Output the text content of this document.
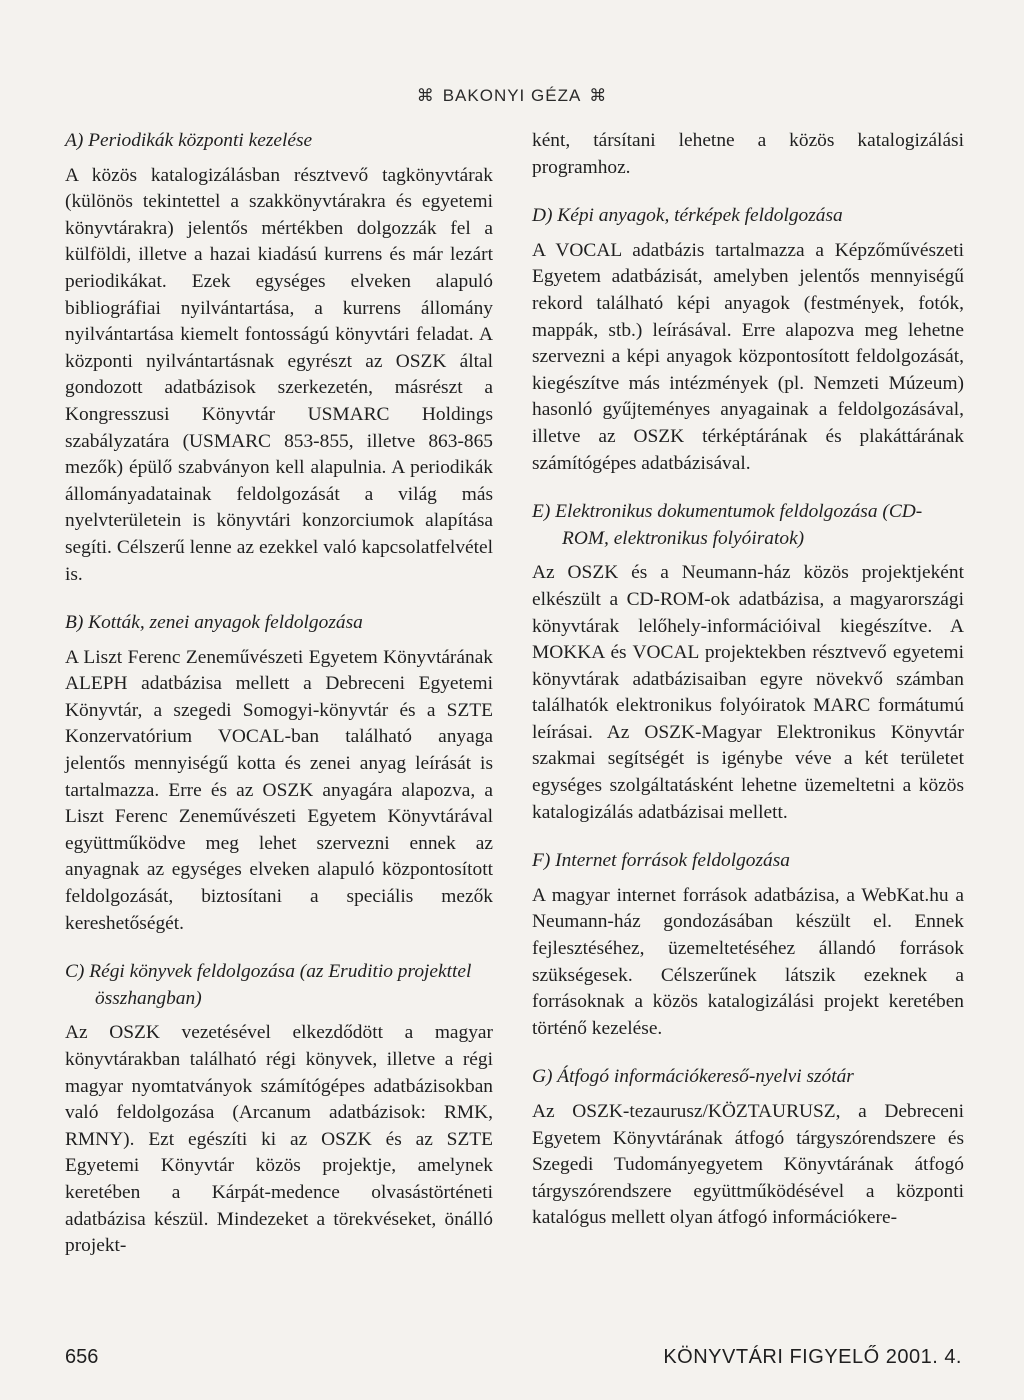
⌘ BAKONYI GÉZA ⌘
A) Periodikák központi kezelése

A közös katalogizálásban résztvevő tagkönyvtárak (különös tekintettel a szakkönyvtárakra és egyetemi könyvtárakra) jelentős mértékben dolgozzák fel a külföldi, illetve a hazai kiadású kurrens és már lezárt periodikákat. Ezek egységes elveken alapuló bibliográfiai nyilvántartása, a kurrens állomány nyilvántartása kiemelt fontosságú könyvtári feladat. A központi nyilvántartásnak egyrészt az OSZK által gondozott adatbázisok szerkezetén, másrészt a Kongresszusi Könyvtár USMARC Holdings szabályzatára (USMARC 853-855, illetve 863-865 mezők) épülő szabványon kell alapulnia. A periodikák állományadatainak feldolgozását a világ más nyelvterületein is könyvtári konzorciumok alapítása segíti. Célszerű lenne az ezekkel való kapcsolatfelvétel is.

B) Kották, zenei anyagok feldolgozása

A Liszt Ferenc Zeneművészeti Egyetem Könyvtárának ALEPH adatbázisa mellett a Debreceni Egyetemi Könyvtár, a szegedi Somogyi-könyvtár és a SZTE Konzervatórium VOCAL-ban található anyaga jelentős mennyiségű kotta és zenei anyag leírását is tartalmazza. Erre és az OSZK anyagára alapozva, a Liszt Ferenc Zeneművészeti Egyetem Könyvtárával együttműködve meg lehet szervezni ennek az anyagnak az egységes elveken alapuló központosított feldolgozását, biztosítani a speciális mezők kereshetőségét.

C) Régi könyvek feldolgozása (az Eruditio projekttel összhangban)

Az OSZK vezetésével elkezdődött a magyar könyvtárakban található régi könyvek, illetve a régi magyar nyomtatványok számítógépes adatbázisokban való feldolgozása (Arcanum adatbázisok: RMK, RMNY). Ezt egészíti ki az OSZK és az SZTE Egyetemi Könyvtár közös projektje, amelynek keretében a Kárpát-medence olvasástörténeti adatbázisa készül. Mindezeket a törekvéseket, önálló projekt-

ként, társítani lehetne a közös katalogizálási programhoz.

D) Képi anyagok, térképek feldolgozása

A VOCAL adatbázis tartalmazza a Képzőművészeti Egyetem adatbázisát, amelyben jelentős mennyiségű rekord található képi anyagok (festmények, fotók, mappák, stb.) leírásával. Erre alapozva meg lehetne szervezni a képi anyagok központosított feldolgozását, kiegészítve más intézmények (pl. Nemzeti Múzeum) hasonló gyűjteményes anyagainak a feldolgozásával, illetve az OSZK térképtárának és plakáttárának számítógépes adatbázisával.

E) Elektronikus dokumentumok feldolgozása (CD-ROM, elektronikus folyóiratok)

Az OSZK és a Neumann-ház közös projektjeként elkészült a CD-ROM-ok adatbázisa, a magyarországi könyvtárak lelőhely-információival kiegészítve. A MOKKA és VOCAL projektekben résztvevő egyetemi könyvtárak adatbázisaiban egyre növekvő számban találhatók elektronikus folyóiratok MARC formátumú leírásai. Az OSZK-Magyar Elektronikus Könyvtár szakmai segítségét is igénybe véve a két területet egységes szolgáltatásként lehetne üzemeltetni a közös katalogizálás adatbázisai mellett.

F) Internet források feldolgozása

A magyar internet források adatbázisa, a WebKat.hu a Neumann-ház gondozásában készült el. Ennek fejlesztéséhez, üzemeltetéséhez állandó források szükségesek. Célszerűnek látszik ezeknek a forrásoknak a közös katalogizálási projekt keretében történő kezelése.

G) Átfogó információkereső-nyelvi szótár

Az OSZK-tezaurusz/KÖZTAURUSZ, a Debreceni Egyetem Könyvtárának átfogó tárgyszórendszere és Szegedi Tudományegyetem Könyvtárának átfogó tárgyszórendszere együttműködésével a központi katalógus mellett olyan átfogó információkere-

656	KÖNYVTÁRI FIGYELŐ 2001. 4.
